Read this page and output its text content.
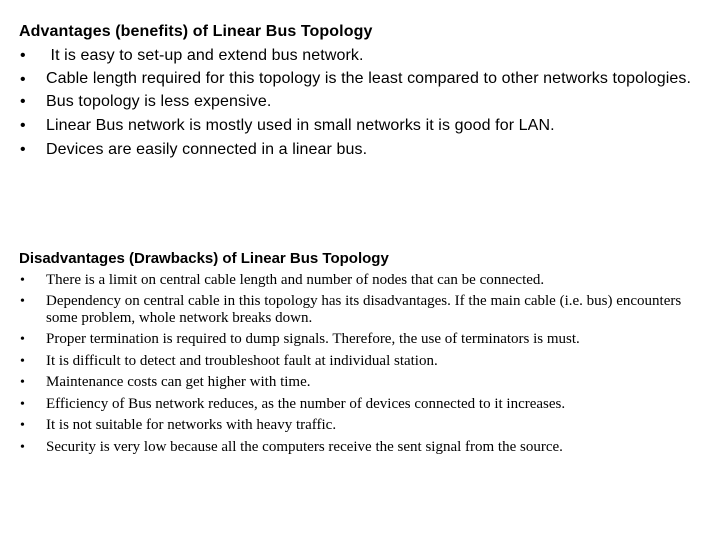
Advantages (benefits) of Linear Bus Topology
• It is easy to set-up and extend bus network.
• Cable length required for this topology is the least compared to other networks topologies.
• Bus topology is less expensive.
• Linear Bus network is mostly used in small networks it is good for LAN.
• Devices are easily connected in a linear bus.
Disadvantages (Drawbacks) of Linear Bus Topology
• There is a limit on central cable length and number of nodes that can be connected.
• Dependency on central cable in this topology has its disadvantages. If the main cable (i.e. bus) encounters some problem, whole network breaks down.
• Proper termination is required to dump signals. Therefore, the use of terminators is must.
• It is difficult to detect and troubleshoot fault at individual station.
• Maintenance costs can get higher with time.
• Efficiency of Bus network reduces, as the number of devices connected to it increases.
• It is not suitable for networks with heavy traffic.
• Security is very low because all the computers receive the sent signal from the source.
